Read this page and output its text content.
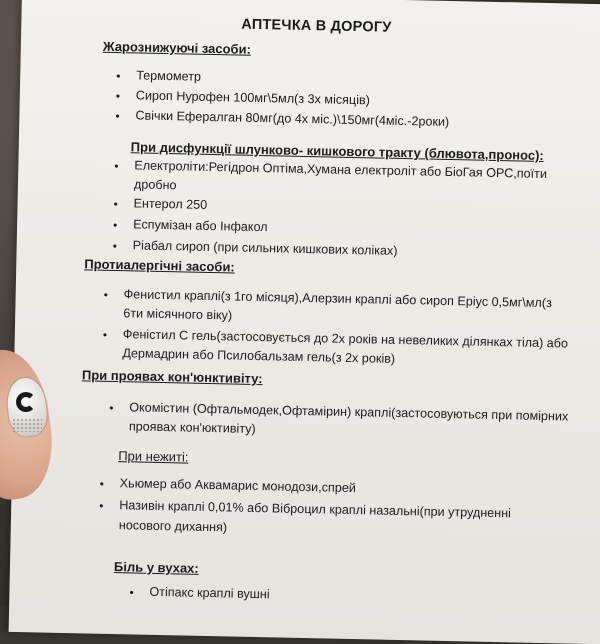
АПТЕЧКА В ДОРОГУ
Жарознижуючі засоби:
• Термометр
• Сироп Нурофен 100мг\5мл(з 3х місяців)
• Свічки Ефералган 80мг(до 4х міс.)\150мг(4міс.-2роки)
При дисфункції шлунково- кишкового тракту (блювота,пронос):
• Електроліти:Регідрон Оптіма,Хумана електроліт або БіоГая ОРС,поїти
дробно
• Ентерол 250
• Еспумізан або Інфакол
• Ріабал сироп (при сильних кишкових коліках)
Протиалергічні засоби:
• Фенистил краплі(з 1го місяця),Алерзин краплі або сироп Еріус 0,5мг\мл(з
6ти місячного віку)
• Фенiстил С гель(застосовується до 2х років на невеликих ділянках тіла) або
Дермадрин або Псилобальзам гель(з 2х років)
При проявах кон'юнктивіту:
• Окомістин (Офтальмодек,Офтамірин) краплі(застосовуються при помірних
проявах кон'юктивіту)
При нежиті:
• Хьюмер або Аквамарис монодози,спрей
• Називін краплі 0,01% або Віброцил краплі назальні(при утрудненні
носового дихання)
Біль у вухах:
• Отіпакс краплі вушні
